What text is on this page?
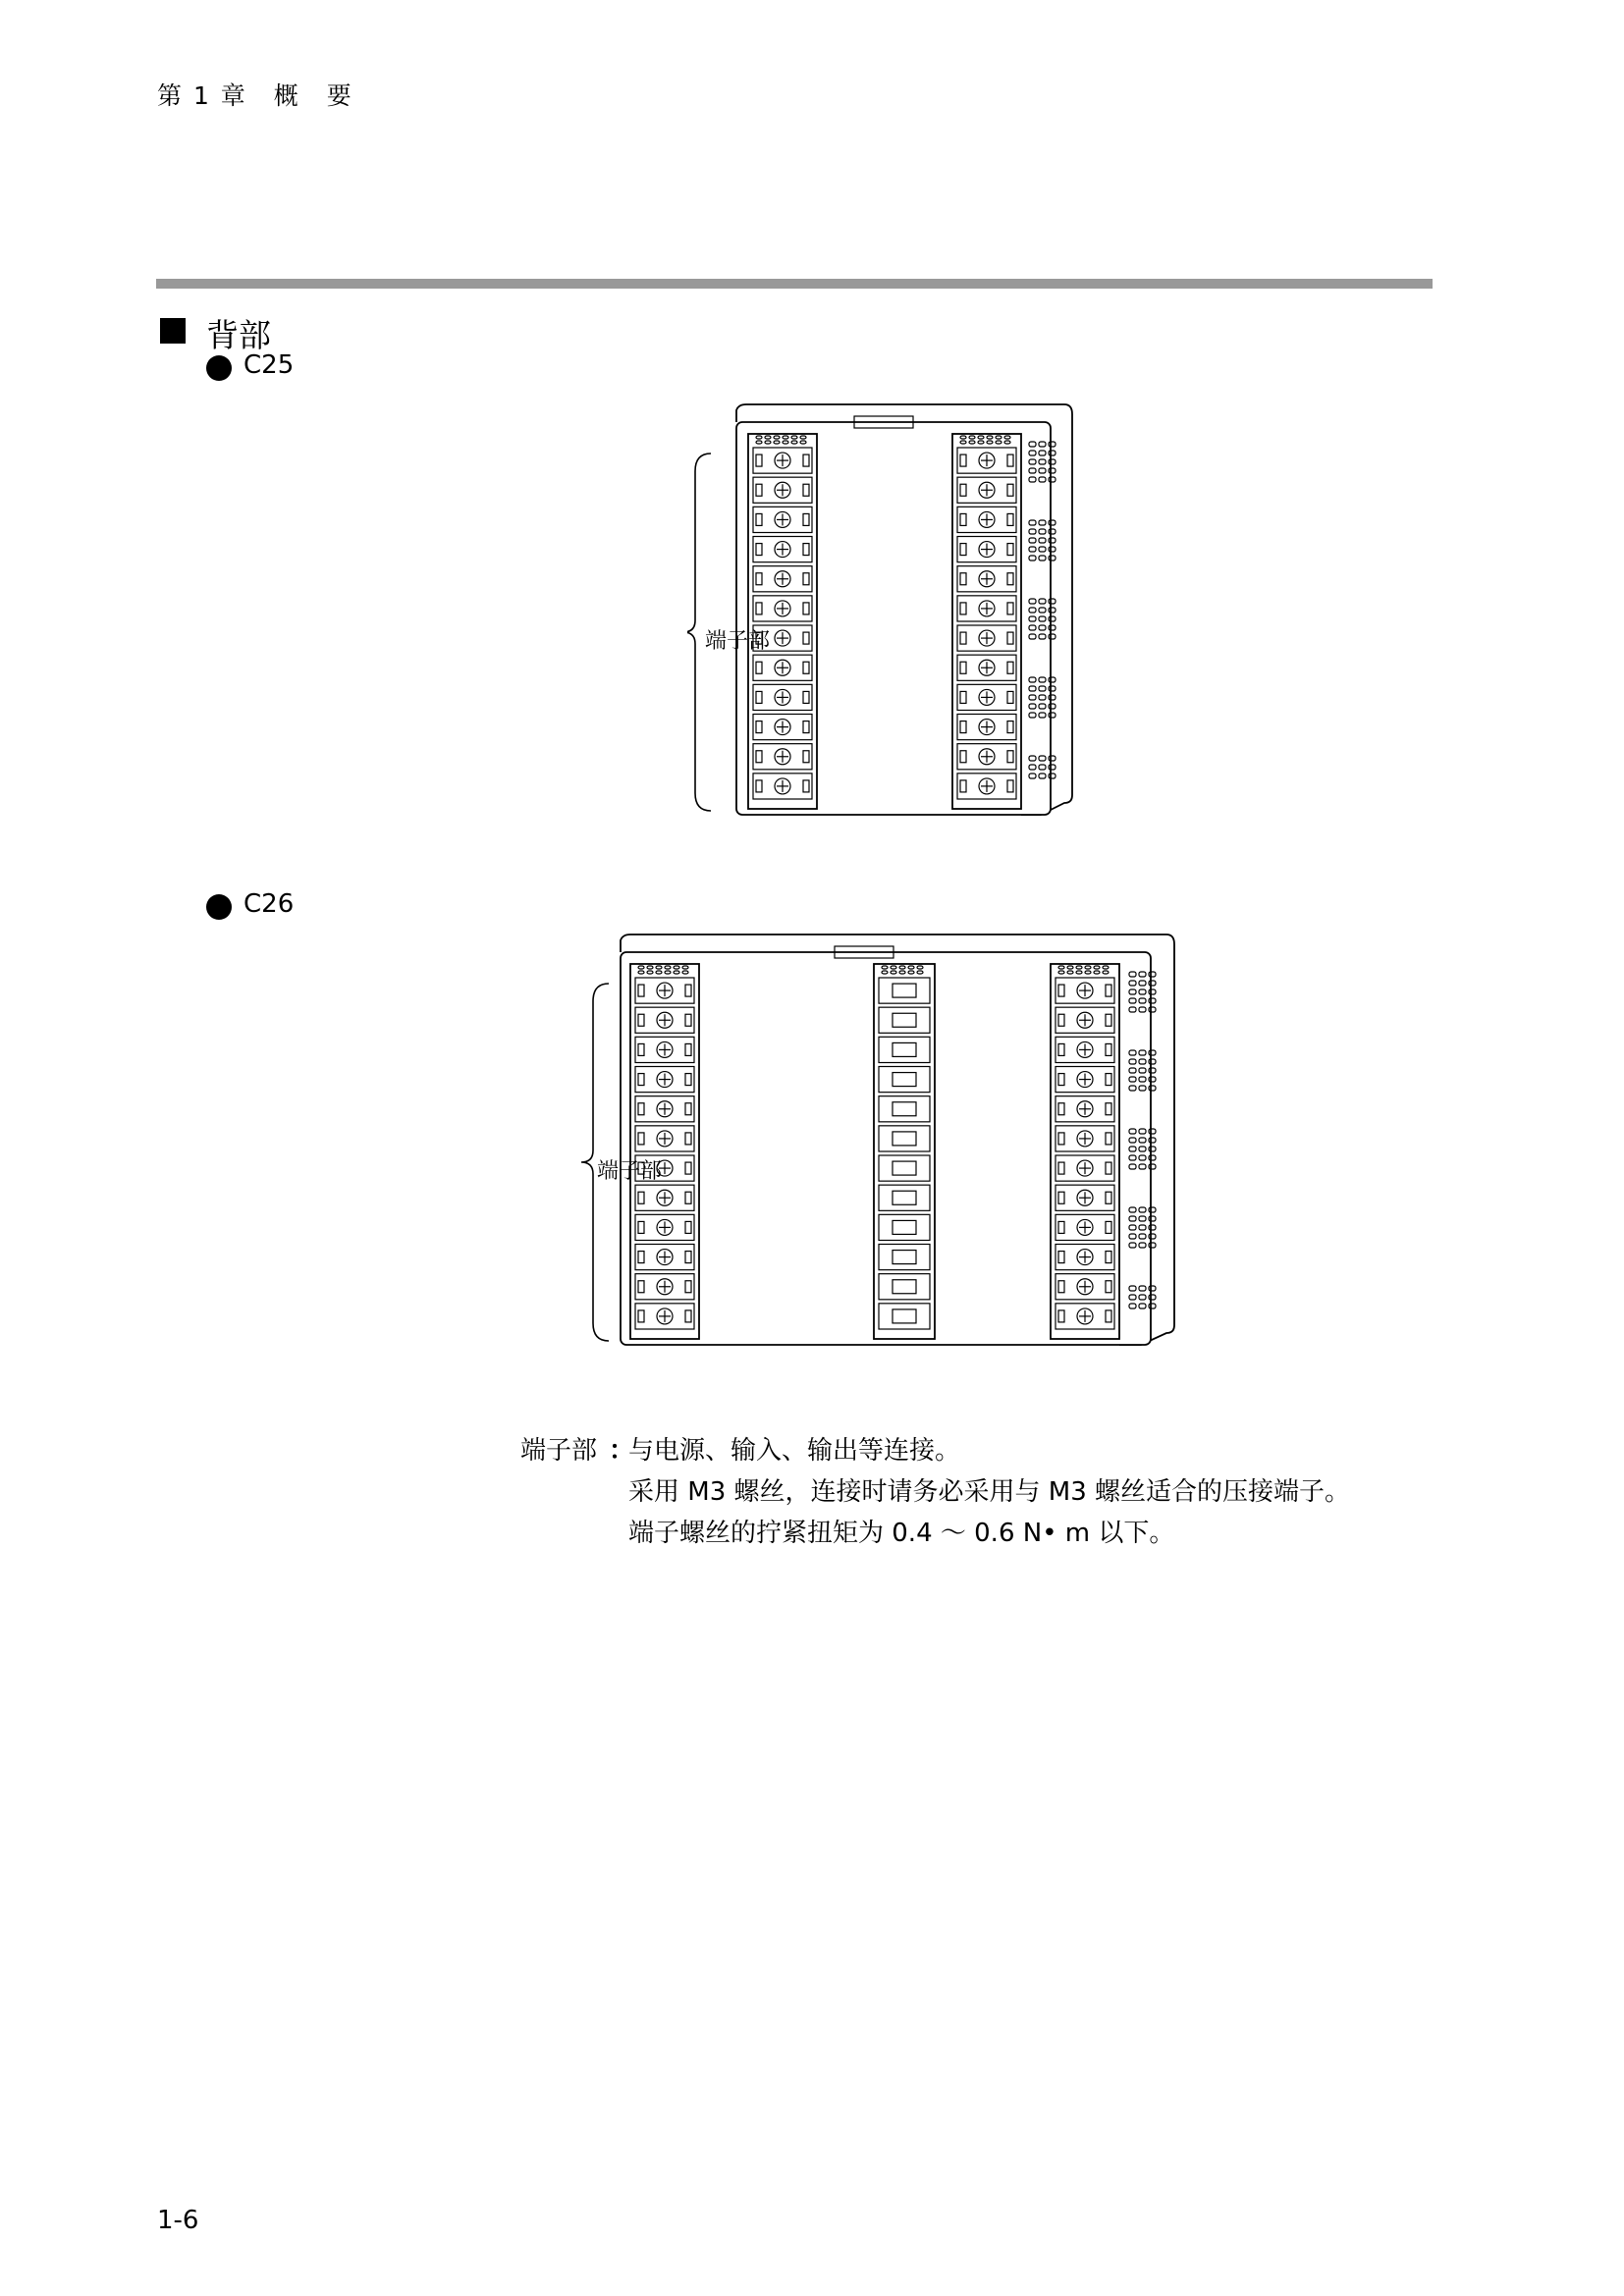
第 1 章　概　要
背部
C25
端子部
C26
端子部
端子部 ：
与电源、输入、输出等连接。
采用 M3 螺丝，连接时请务必采用与 M3 螺丝适合的压接端子。
端子螺丝的拧紧扭矩为 0.4 ～ 0.6 N• m 以下。
1-6
